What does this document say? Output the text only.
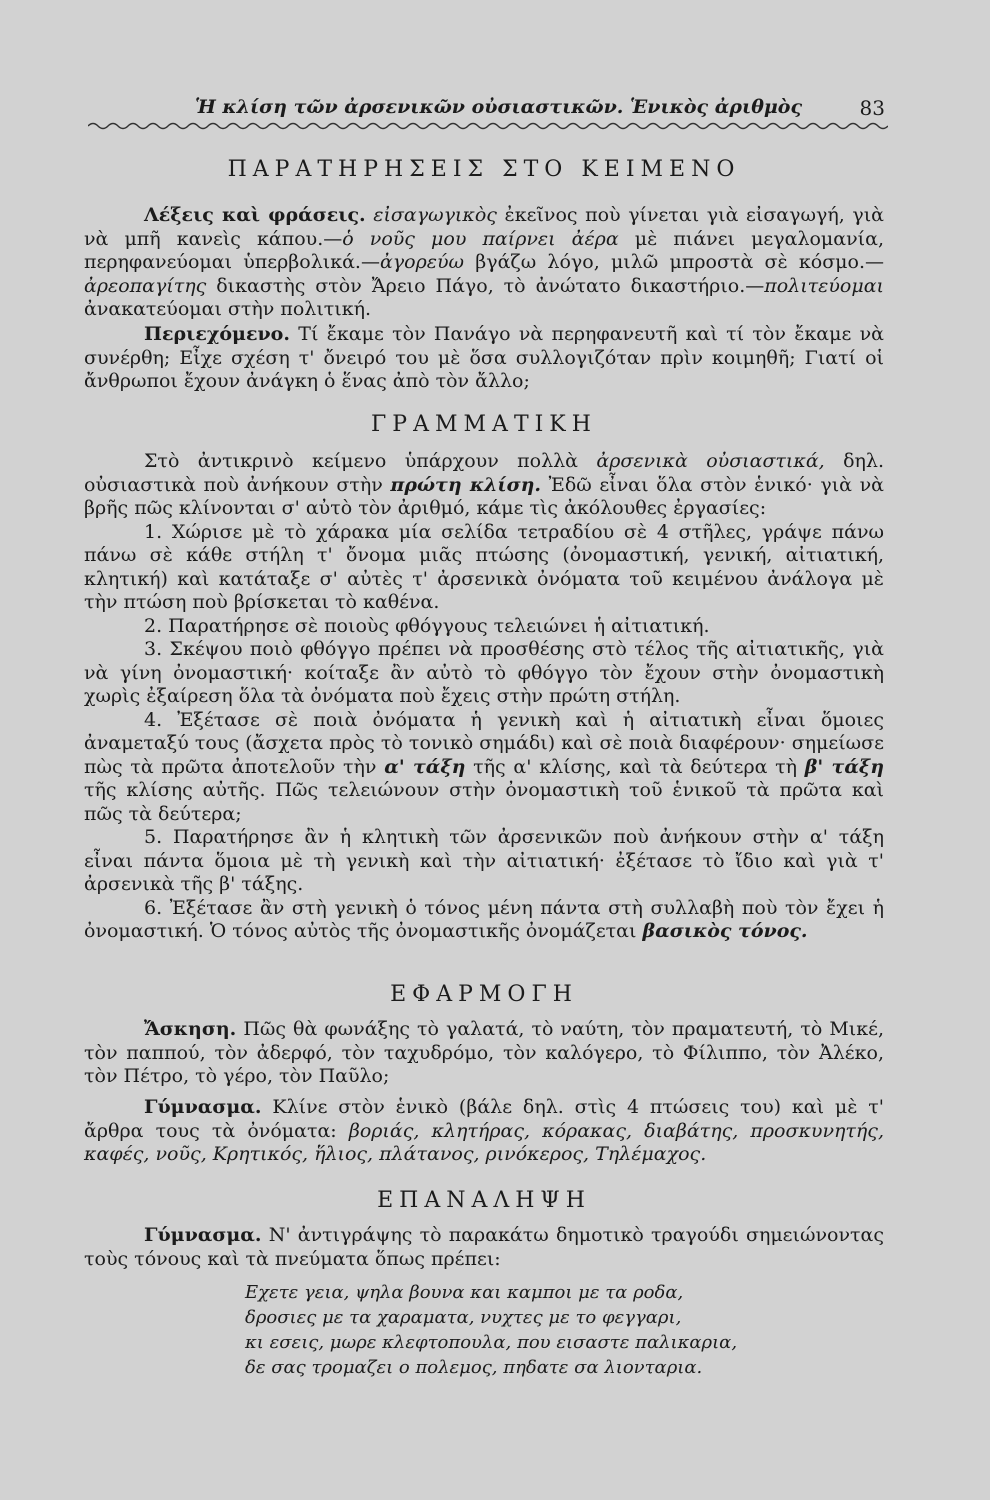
Ἡ κλίση τῶν ἀρσενικῶν οὐσιαστικῶν. Ἑνικὸς ἀριθμὸς	83
ΠΑΡΑΤΗΡΗΣΕΙΣ ΣΤΟ ΚΕΙΜΕΝΟ

Λέξεις καὶ φράσεις. εἰσαγωγικὸς ἐκεῖνος ποὺ γίνεται γιὰ εἰσαγωγή, γιὰ νὰ μπῆ κανεὶς κάπου.—ὁ νοῦς μου παίρνει ἀέρα μὲ πιάνει μεγαλομανία, περηφανεύομαι ὑπερβολικά.—ἀγορεύω βγάζω λόγο, μιλῶ μπροστὰ σὲ κόσμο.—ἀρεοπαγίτης δικαστὴς στὸν Ἄρειο Πάγο, τὸ ἀνώτατο δικαστήριο.—πολιτεύομαι ἀνακατεύομαι στὴν πολιτική.

Περιεχόμενο. Τί ἔκαμε τὸν Πανάγο νὰ περηφανευτῆ καὶ τί τὸν ἔκαμε νὰ συνέρθη; Εἶχε σχέση τ' ὄνειρό του μὲ ὅσα συλλογιζόταν πρὶν κοιμηθῆ; Γιατί οἱ ἄνθρωποι ἔχουν ἀνάγκη ὁ ἕνας ἀπὸ τὸν ἄλλο;

ΓΡΑΜΜΑΤΙΚΗ

Στὸ ἀντικρινὸ κείμενο ὑπάρχουν πολλὰ ἀρσενικὰ οὐσιαστικά, δηλ. οὐσιαστικὰ ποὺ ἀνήκουν στὴν πρώτη κλίση. Ἐδῶ εἶναι ὅλα στὸν ἑνικό· γιὰ νὰ βρῆς πῶς κλίνονται σ' αὐτὸ τὸν ἀριθμό, κάμε τὶς ἀκόλουθες ἐργασίες:

1. Χώρισε μὲ τὸ χάρακα μία σελίδα τετραδίου σὲ 4 στῆλες, γράψε πάνω πάνω σὲ κάθε στήλη τ' ὄνομα μιᾶς πτώσης (ὀνομαστική, γενική, αἰτιατική, κλητική) καὶ κατάταξε σ' αὐτὲς τ' ἀρσενικὰ ὀνόματα τοῦ κειμένου ἀνάλογα μὲ τὴν πτώση ποὺ βρίσκεται τὸ καθένα.

2. Παρατήρησε σὲ ποιοὺς φθόγγους τελειώνει ἡ αἰτιατική.

3. Σκέψου ποιὸ φθόγγο πρέπει νὰ προσθέσης στὸ τέλος τῆς αἰτιατικῆς, γιὰ νὰ γίνη ὀνομαστική· κοίταξε ἂν αὐτὸ τὸ φθόγγο τὸν ἔχουν στὴν ὀνομαστικὴ χωρὶς ἐξαίρεση ὅλα τὰ ὀνόματα ποὺ ἔχεις στὴν πρώτη στήλη.

4. Ἐξέτασε σὲ ποιὰ ὀνόματα ἡ γενικὴ καὶ ἡ αἰτιατικὴ εἶναι ὅμοιες ἀναμεταξύ τους (ἄσχετα πρὸς τὸ τονικὸ σημάδι) καὶ σὲ ποιὰ διαφέρουν· σημείωσε πὼς τὰ πρῶτα ἀποτελοῦν τὴν α' τάξη τῆς α' κλίσης, καὶ τὰ δεύτερα τὴ β' τάξη τῆς κλίσης αὐτῆς. Πῶς τελειώνουν στὴν ὀνομαστικὴ τοῦ ἑνικοῦ τὰ πρῶτα καὶ πῶς τὰ δεύτερα;

5. Παρατήρησε ἂν ἡ κλητικὴ τῶν ἀρσενικῶν ποὺ ἀνήκουν στὴν α' τάξη εἶναι πάντα ὅμοια μὲ τὴ γενικὴ καὶ τὴν αἰτιατική· ἐξέτασε τὸ ἴδιο καὶ γιὰ τ' ἀρσενικὰ τῆς β' τάξης.

6. Ἐξέτασε ἂν στὴ γενικὴ ὁ τόνος μένη πάντα στὴ συλλαβὴ ποὺ τὸν ἔχει ἡ ὀνομαστική. Ὁ τόνος αὐτὸς τῆς ὀνομαστικῆς ὀνομάζεται βασικὸς τόνος.

ΕΦΑΡΜΟΓΗ

Ἄσκηση. Πῶς θὰ φωνάξης τὸ γαλατά, τὸ ναύτη, τὸν πραματευτή, τὸ Μικέ, τὸν παππού, τὸν ἀδερφό, τὸν ταχυδρόμο, τὸν καλόγερο, τὸ Φίλιππο, τὸν Ἀλέκο, τὸν Πέτρο, τὸ γέρο, τὸν Παῦλο;

Γύμνασμα. Κλίνε στὸν ἑνικὸ (βάλε δηλ. στὶς 4 πτώσεις του) καὶ μὲ τ' ἄρθρα τους τὰ ὀνόματα: βοριάς, κλητήρας, κόρακας, διαβάτης, προσκυνητής, καφές, νοῦς, Κρητικός, ἥλιος, πλάτανος, ρινόκερος, Τηλέμαχος.

ΕΠΑΝΑΛΗΨΗ

Γύμνασμα. Ν' ἀντιγράψης τὸ παρακάτω δημοτικὸ τραγούδι σημειώνοντας τοὺς τόνους καὶ τὰ πνεύματα ὅπως πρέπει:

Εχετε γεια, ψηλα βουνα και καμποι με τα ροδα,
δροσιες με τα χαραματα, νυχτες με το φεγγαρι,
κι εσεις, μωρε κλεφτοπουλα, που εισαστε παλικαρια,
δε σας τρομαζει ο πολεμος, πηδατε σα λιονταρια.
